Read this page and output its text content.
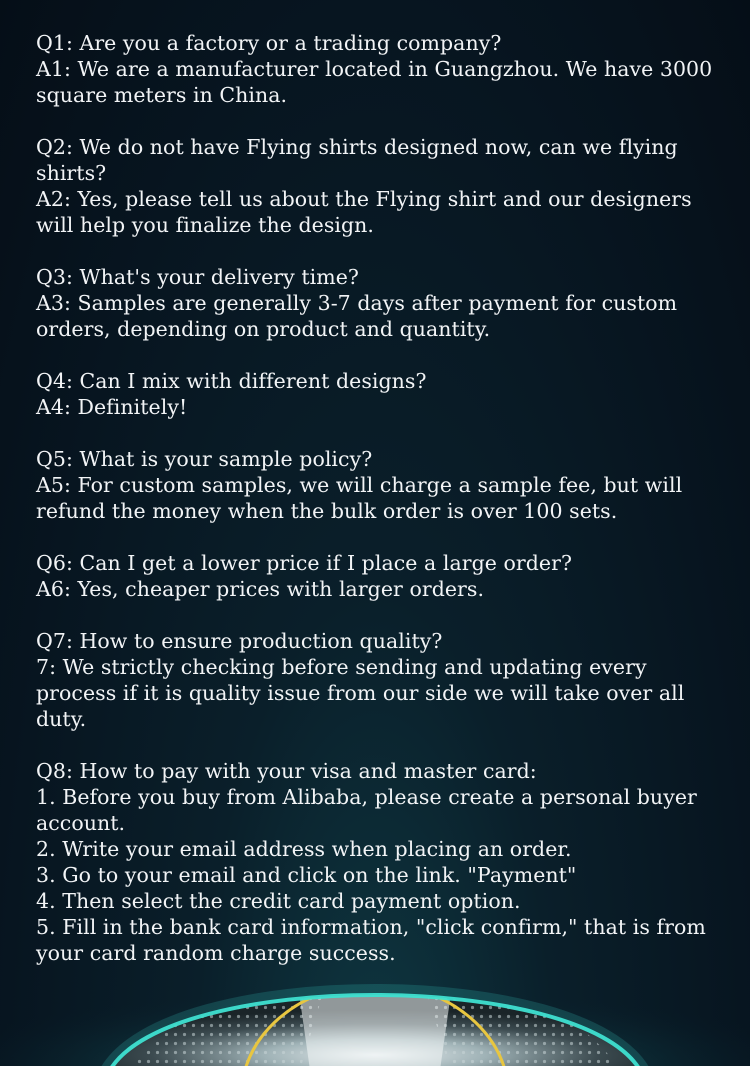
Q1: Are you a factory or a trading company?

A1: We are a manufacturer located in Guangzhou. We have 3000 square meters in China.

Q2: We do not have Flying shirts designed now, can we flying shirts?

A2: Yes, please tell us about the Flying shirt and our designers will help you finalize the design.

Q3: What's your delivery time?

A3: Samples are generally 3-7 days after payment for custom orders, depending on product and quantity.

Q4: Can I mix with different designs?

A4: Definitely!

Q5: What is your sample policy?

A5: For custom samples, we will charge a sample fee, but will refund the money when the bulk order is over 100 sets.

Q6: Can I get a lower price if I place a large order?

A6: Yes, cheaper prices with larger orders.

Q7: How to ensure production quality?

7: We strictly checking before sending and updating every process if it is quality issue from our side we will take over all duty.

Q8: How to pay with your visa and master card:

1. Before you buy from Alibaba, please create a personal buyer account.

2. Write your email address when placing an order.

3. Go to your email and click on the link. "Payment"

4. Then select the credit card payment option.

5. Fill in the bank card information, "click confirm," that is from
